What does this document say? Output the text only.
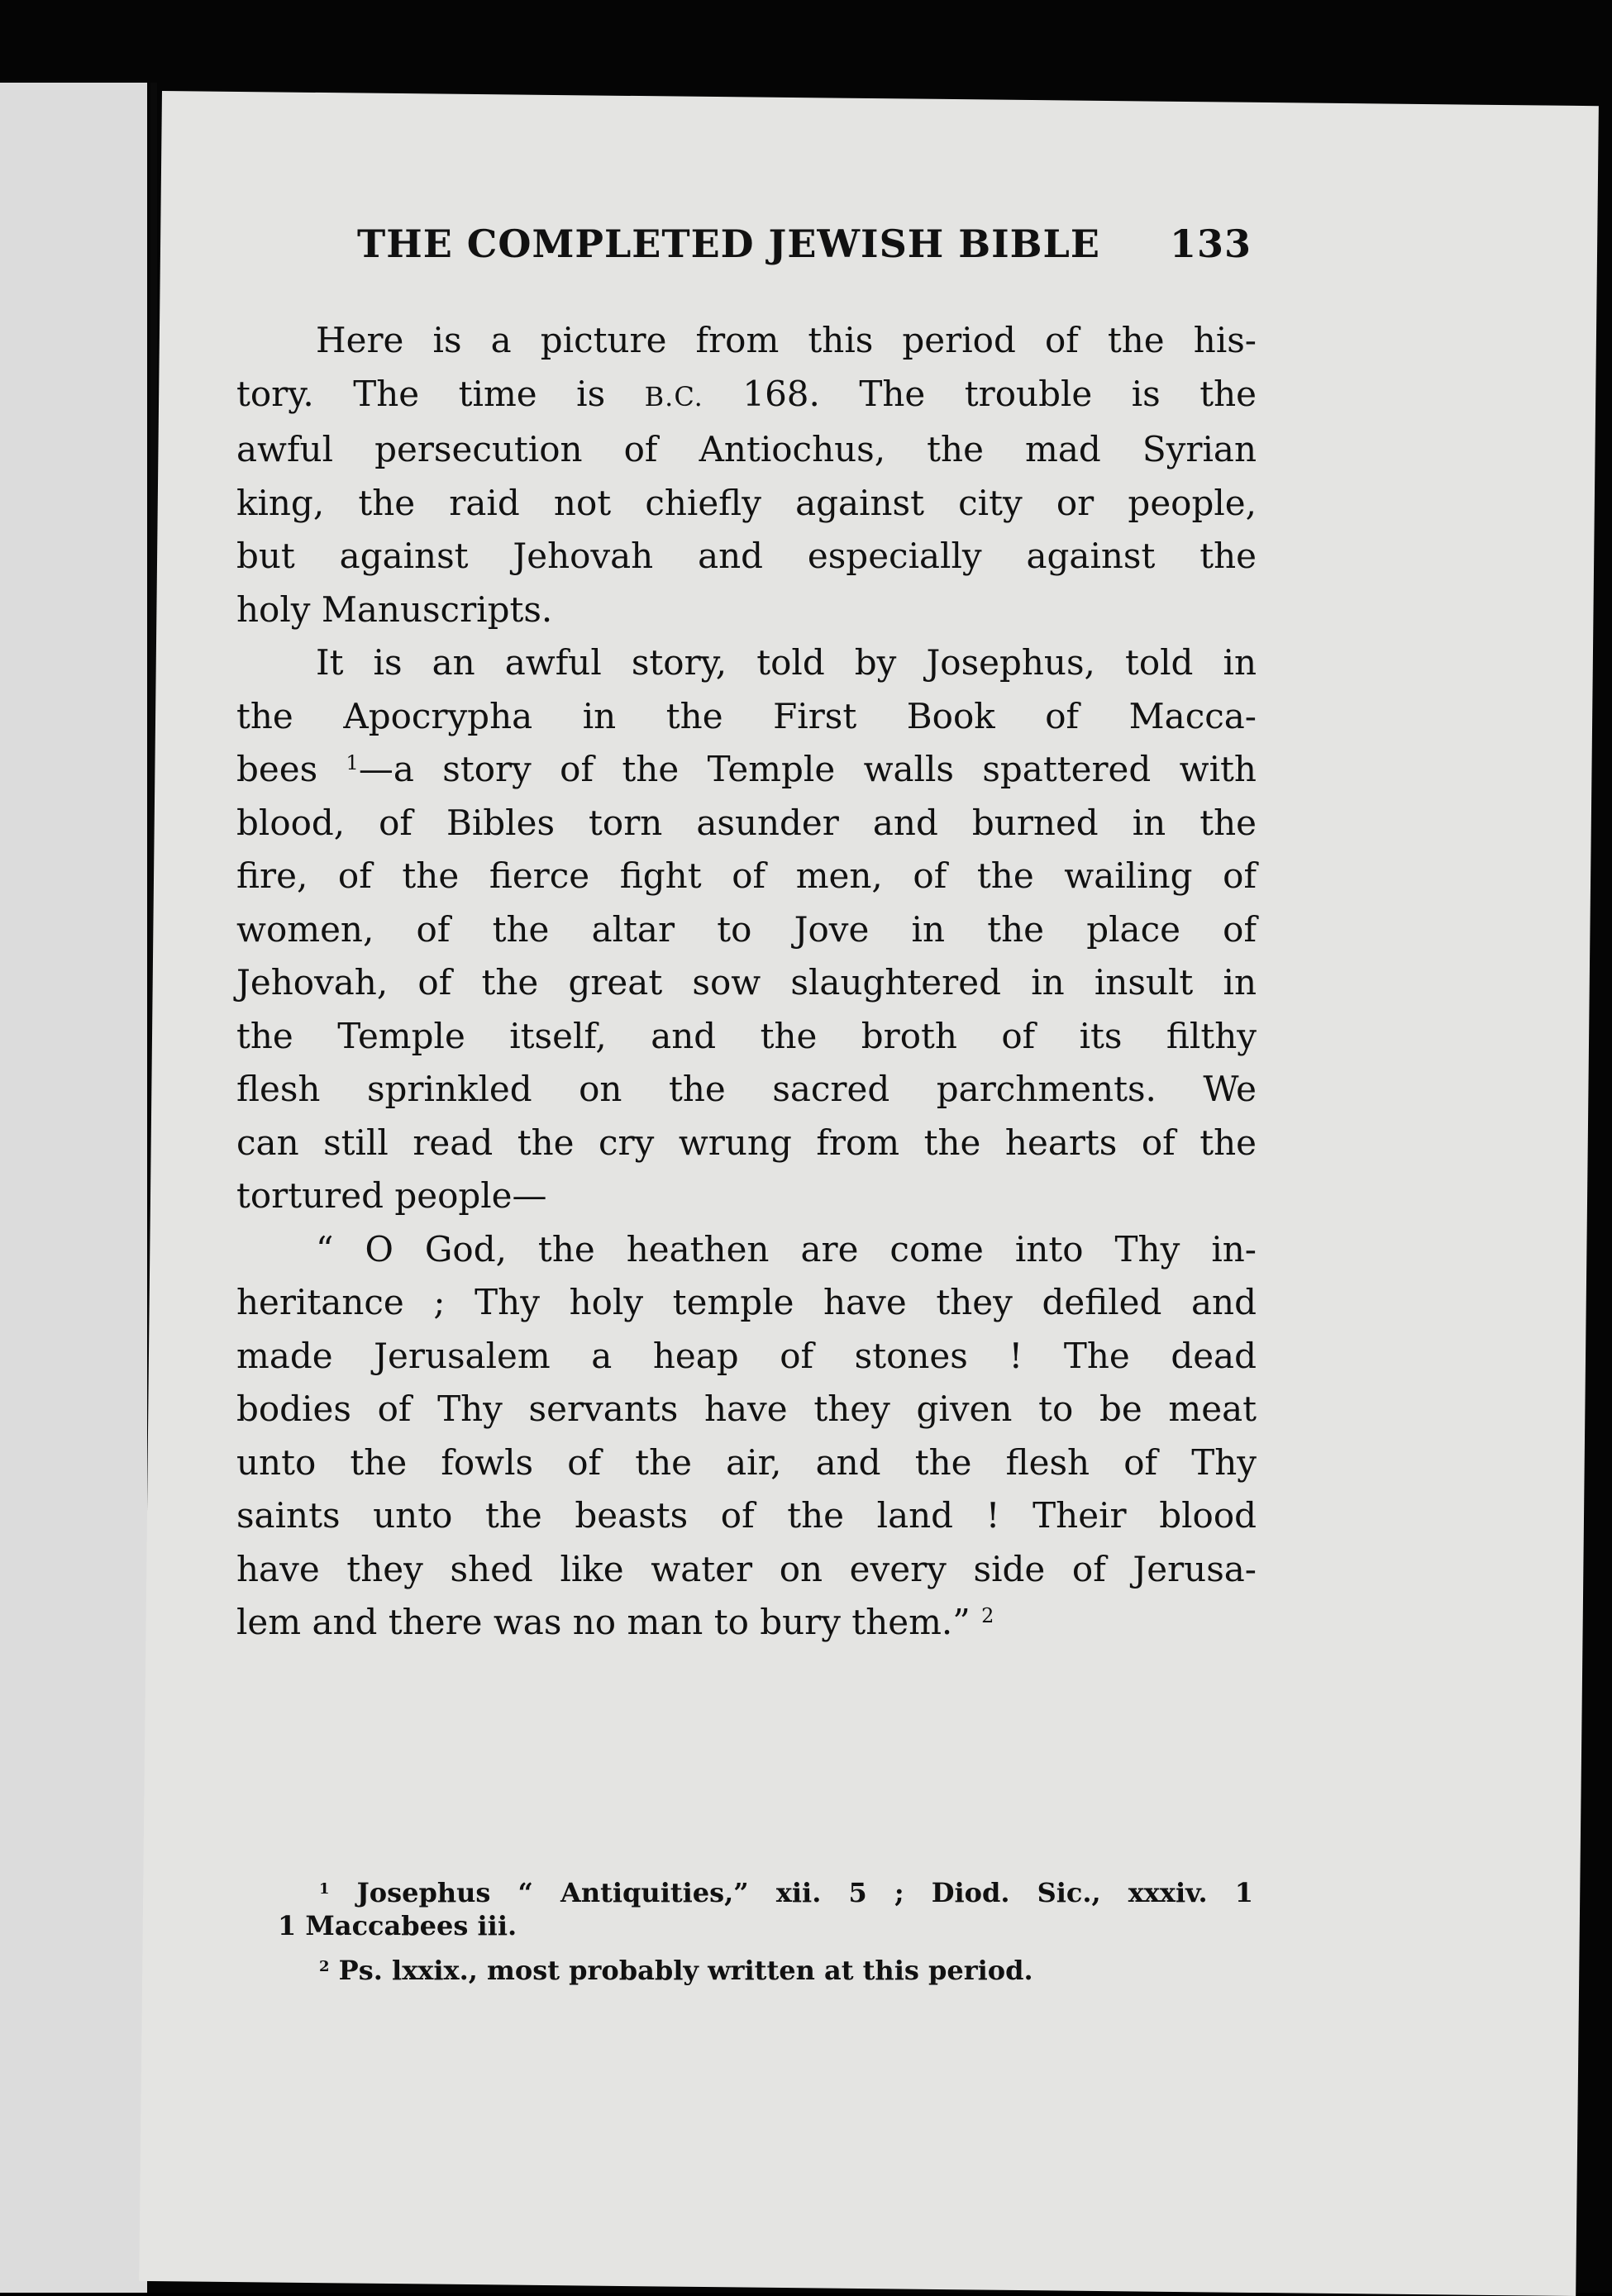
THE COMPLETED JEWISH BIBLE 133
Here is a picture from this period of the his-
tory. The time is B.C. 168. The trouble is the
awful persecution of Antiochus, the mad Syrian
king, the raid not chiefly against city or people,
but against Jehovah and especially against the
holy Manuscripts.
It is an awful story, told by Josephus, told in
the Apocrypha in the First Book of Macca-
bees $^1$—a story of the Temple walls spattered with
blood, of Bibles torn asunder and burned in the
fire, of the fierce fight of men, of the wailing of
women, of the altar to Jove in the place of
Jehovah, of the great sow slaughtered in insult in
the Temple itself, and the broth of its filthy
flesh sprinkled on the sacred parchments. We
can still read the cry wrung from the hearts of the
tortured people—
“ O God, the heathen are come into Thy in-
heritance ; Thy holy temple have they defiled and
made Jerusalem a heap of stones ! The dead
bodies of Thy servants have they given to be meat
unto the fowls of the air, and the flesh of Thy
saints unto the beasts of the land ! Their blood
have they shed like water on every side of Jerusa-
lem and there was no man to bury them.” $^2$
$^1$ Josephus “ Antiquities,” xii. 5 ; Diod. Sic., xxxiv. 1
1 Maccabees iii.
$^2$ Ps. lxxix., most probably written at this period.
